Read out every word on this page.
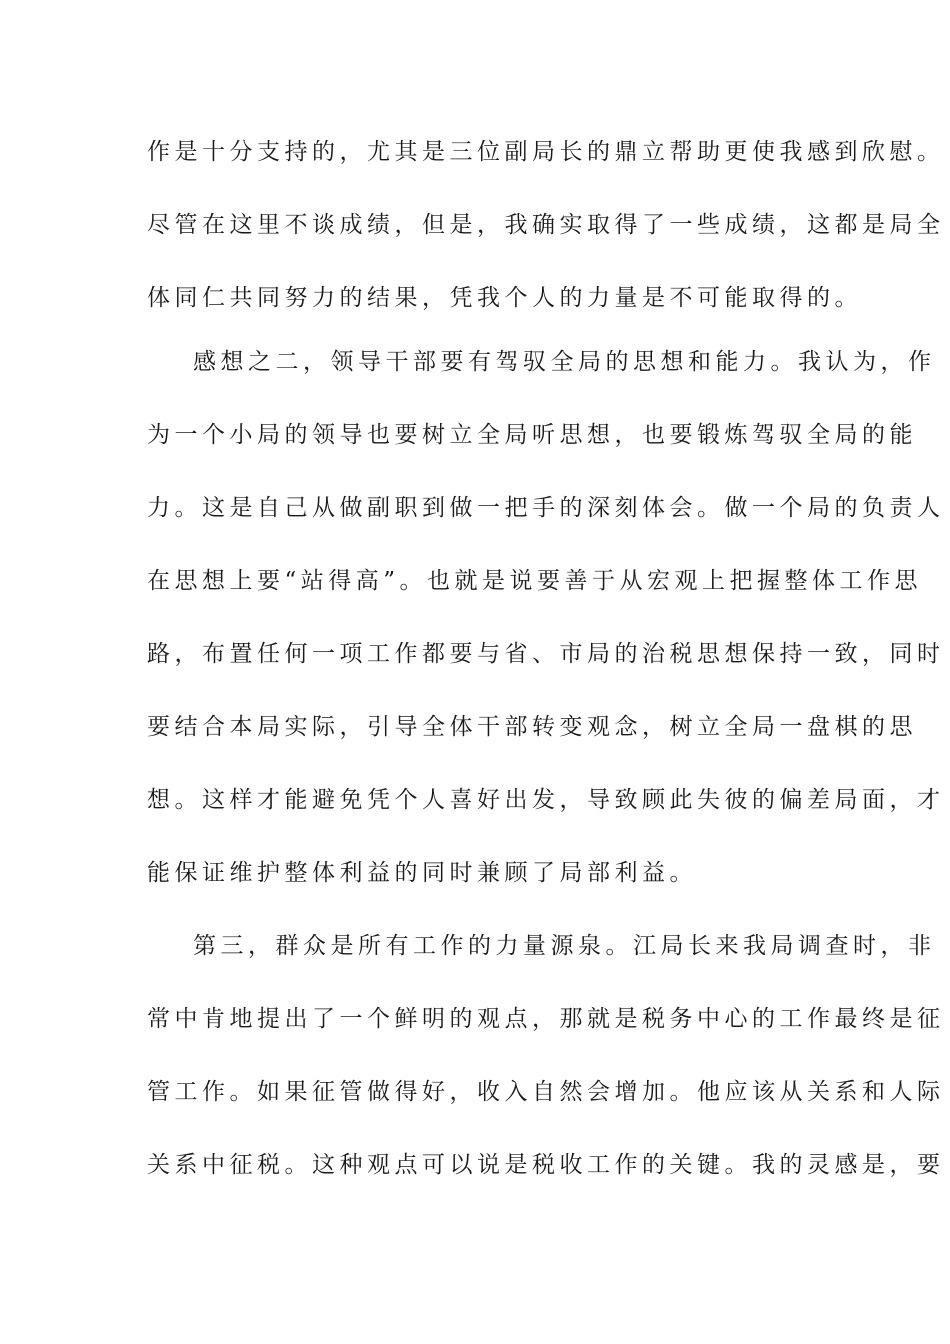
作是十分支持的，尤其是三位副局长的鼎立帮助更使我感到欣慰。
尽管在这里不谈成绩，但是，我确实取得了一些成绩，这都是局全
体同仁共同努力的结果，凭我个人的力量是不可能取得的。
感想之二，领导干部要有驾驭全局的思想和能力。我认为，作
为一个小局的领导也要树立全局听思想，也要锻炼驾驭全局的能
力。这是自己从做副职到做一把手的深刻体会。做一个局的负责人
在思想上要“站得高”。也就是说要善于从宏观上把握整体工作思
路，布置任何一项工作都要与省、市局的治税思想保持一致，同时
要结合本局实际，引导全体干部转变观念，树立全局一盘棋的思
想。这样才能避免凭个人喜好出发，导致顾此失彼的偏差局面，才
能保证维护整体利益的同时兼顾了局部利益。
第三，群众是所有工作的力量源泉。江局长来我局调查时，非
常中肯地提出了一个鲜明的观点，那就是税务中心的工作最终是征
管工作。如果征管做得好，收入自然会增加。他应该从关系和人际
关系中征税。这种观点可以说是税收工作的关键。我的灵感是，要
